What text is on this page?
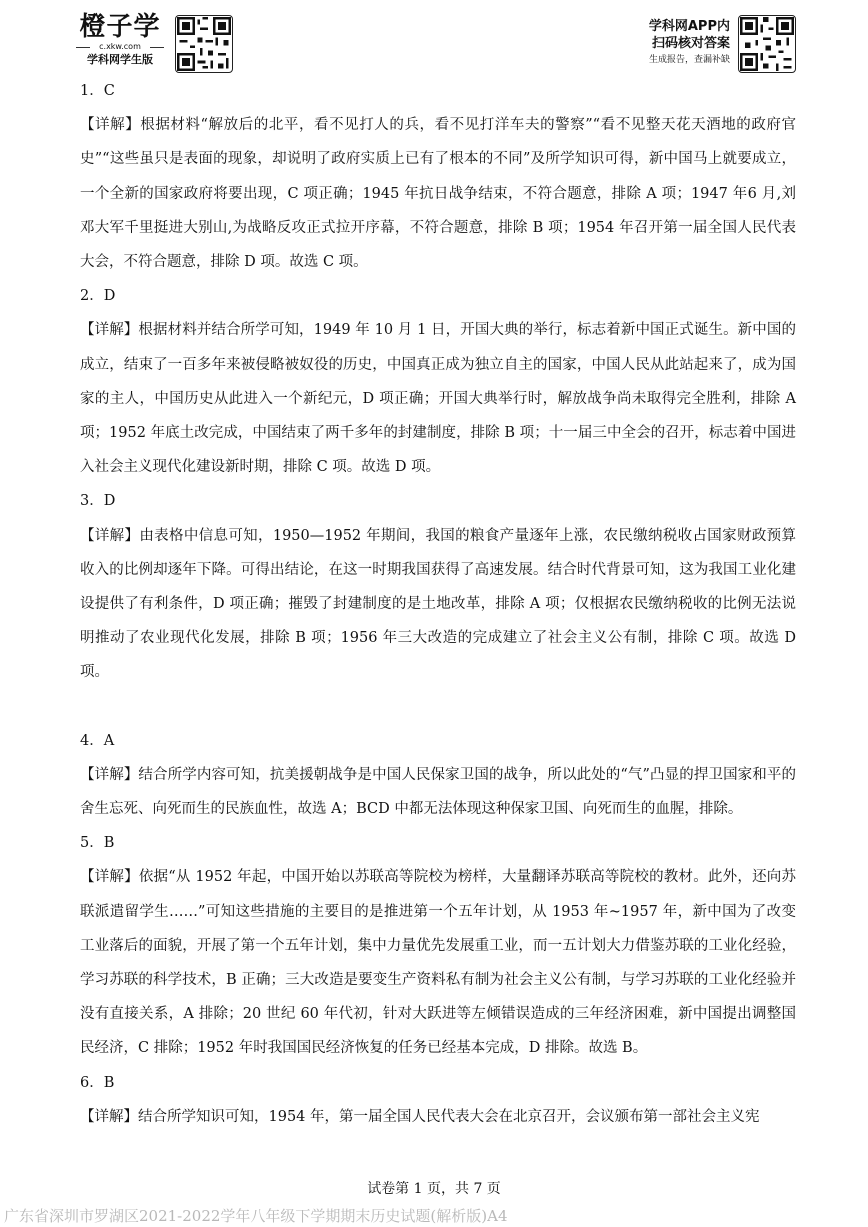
橙子学
c.xkw.com
学科网学生版
学科网APP内
扫码核对答案
生成报告，查漏补缺

1．C

【详解】根据材料“解放后的北平，看不见打人的兵，看不见打洋车夫的警察”“看不见整天花天酒地的政府官史”“这些虽只是表面的现象，却说明了政府实质上已有了根本的不同”及所学知识可得，新中国马上就要成立，一个全新的国家政府将要出现，C 项正确；1945 年抗日战争结束，不符合题意，排除 A 项；1947 年6 月,刘邓大军千里挺进大别山,为战略反攻正式拉开序幕，不符合题意，排除 B 项；1954 年召开第一届全国人民代表大会，不符合题意，排除 D 项。故选 C 项。

2．D

【详解】根据材料并结合所学可知，1949 年 10 月 1 日，开国大典的举行，标志着新中国正式诞生。新中国的成立，结束了一百多年来被侵略被奴役的历史，中国真正成为独立自主的国家，中国人民从此站起来了，成为国家的主人，中国历史从此进入一个新纪元，D 项正确；开国大典举行时，解放战争尚未取得完全胜利，排除 A 项；1952 年底土改完成，中国结束了两千多年的封建制度，排除 B 项；十一届三中全会的召开，标志着中国进入社会主义现代化建设新时期，排除 C 项。故选 D 项。

3．D

【详解】由表格中信息可知，1950—1952 年期间，我国的粮食产量逐年上涨，农民缴纳税收占国家财政预算收入的比例却逐年下降。可得出结论，在这一时期我国获得了高速发展。结合时代背景可知，这为我国工业化建设提供了有利条件，D 项正确；摧毁了封建制度的是土地改革，排除 A 项；仅根据农民缴纳税收的比例无法说明推动了农业现代化发展，排除 B 项；1956 年三大改造的完成建立了社会主义公有制，排除 C 项。故选 D 项。

4．A

【详解】结合所学内容可知，抗美援朝战争是中国人民保家卫国的战争，所以此处的“气”凸显的捍卫国家和平的舍生忘死、向死而生的民族血性，故选 A；BCD 中都无法体现这种保家卫国、向死而生的血腥，排除。

5．B

【详解】依据“从 1952 年起，中国开始以苏联高等院校为榜样，大量翻译苏联高等院校的教材。此外，还向苏联派遣留学生……”可知这些措施的主要目的是推进第一个五年计划，从 1953 年~1957 年，新中国为了改变工业落后的面貌，开展了第一个五年计划，集中力量优先发展重工业，而一五计划大力借鉴苏联的工业化经验，学习苏联的科学技术，B 正确；三大改造是要变生产资料私有制为社会主义公有制，与学习苏联的工业化经验并没有直接关系，A 排除；20 世纪 60 年代初，针对大跃进等左倾错误造成的三年经济困难，新中国提出调整国民经济，C 排除；1952 年时我国国民经济恢复的任务已经基本完成，D 排除。故选 B。

6．B

【详解】结合所学知识可知，1954 年，第一届全国人民代表大会在北京召开，会议颁布第一部社会主义宪

试卷第 1 页，共 7 页
广东省深圳市罗湖区2021-2022学年八年级下学期期末历史试题(解析版)A4
